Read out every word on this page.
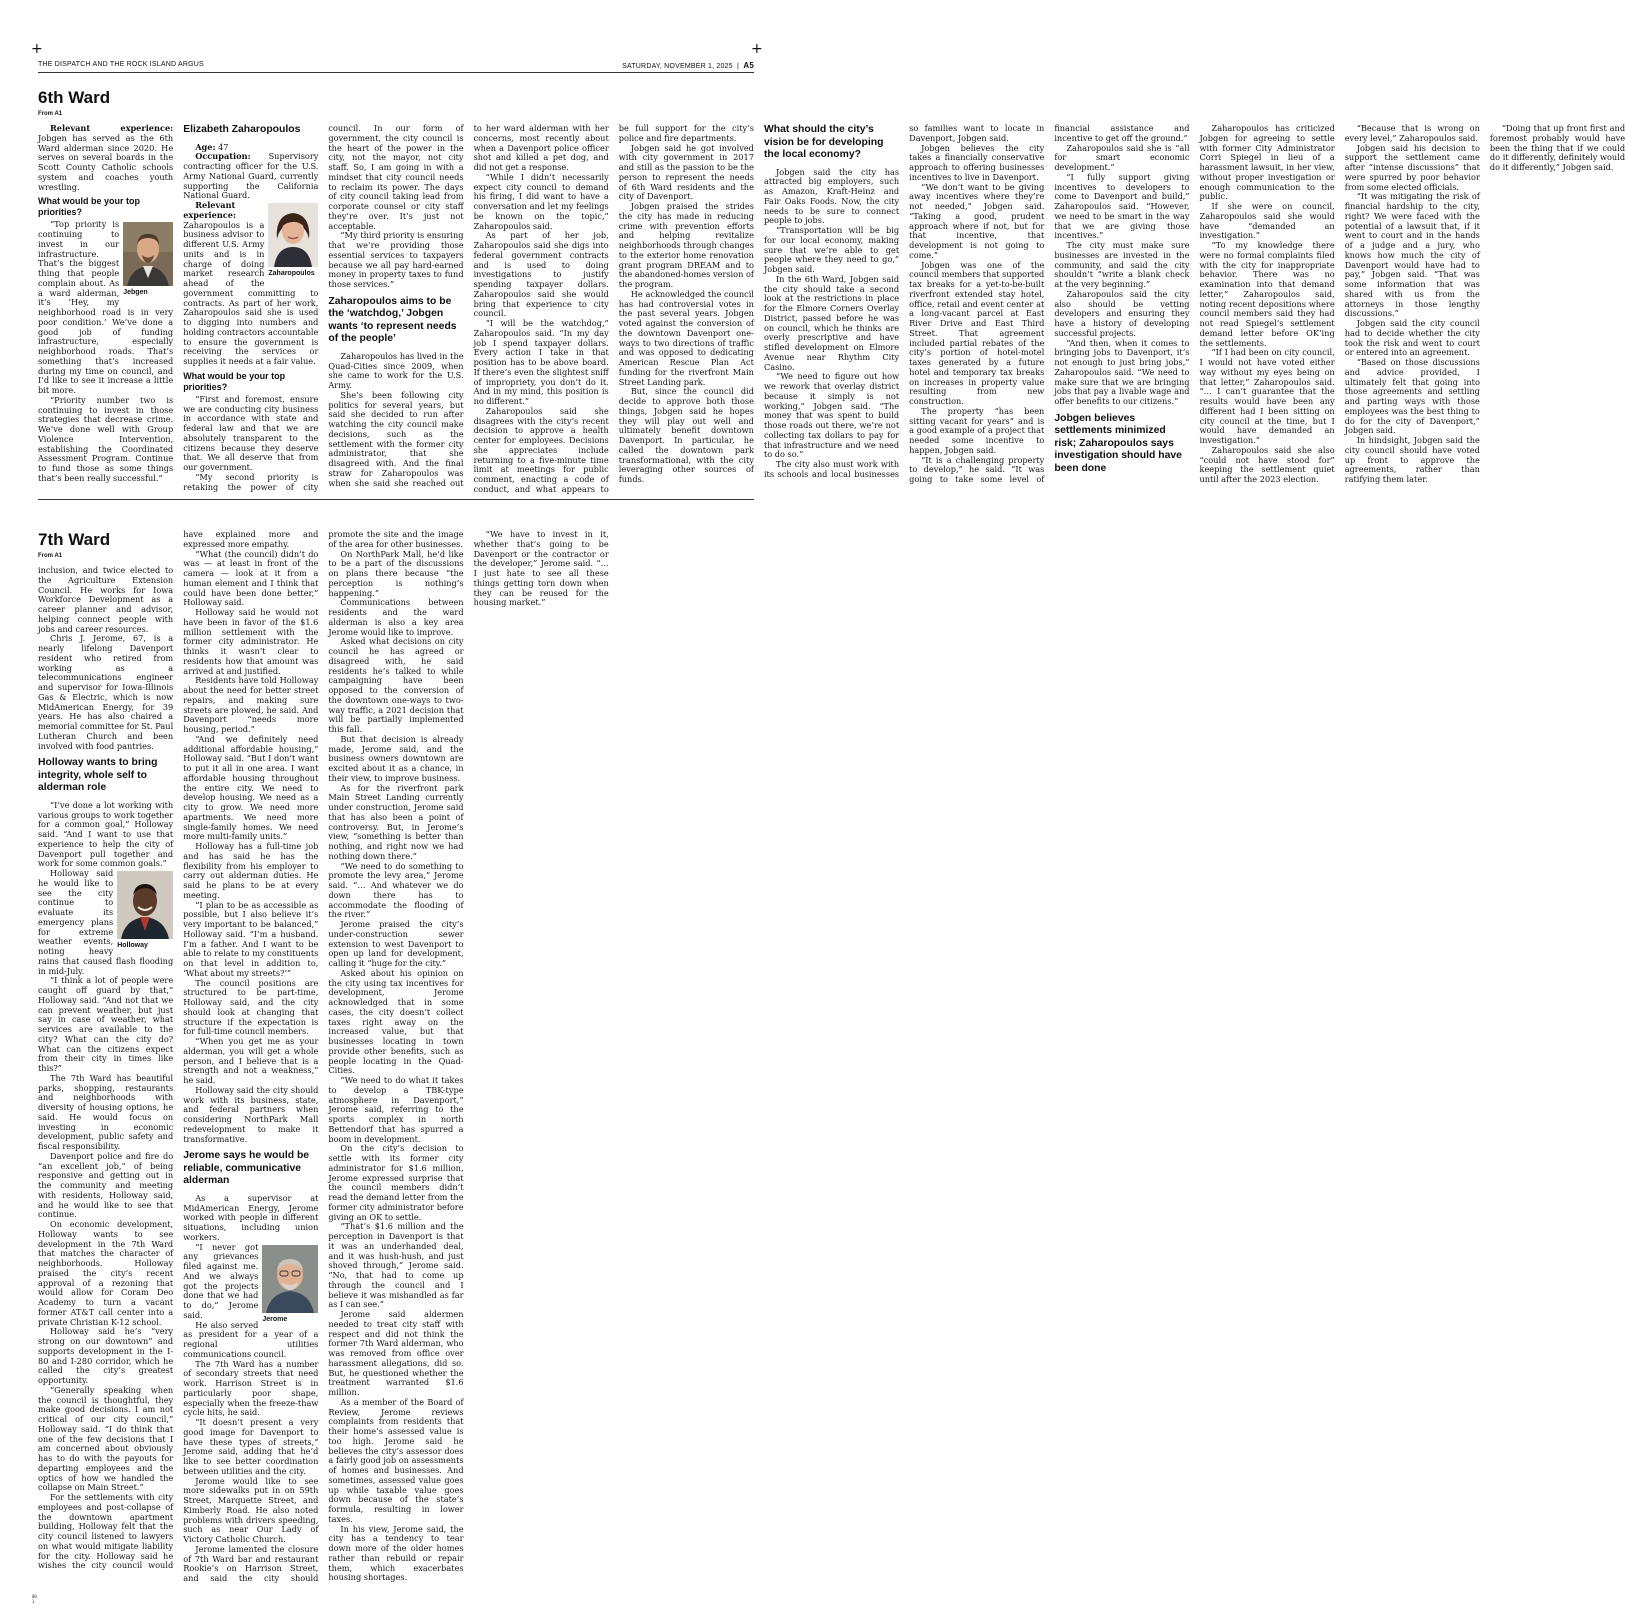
+	+
THE DISPATCH AND THE ROCK ISLAND ARGUS	SATURDAY, NOVEMBER 1, 2025  |  A5
6th Ward
From A1

Relevant experience: Jobgen has served as the 6th Ward alderman since 2020. He serves on several boards in the Scott County Catholic schools system and coaches youth wrestling.

What would be your top priorities?
Jebgen

“Top priority is continuing to invest in our infrastructure. That’s the biggest thing that people complain about. As a ward alderman, it’s ‘Hey, my neighborhood road is in very poor condition.’ We’ve done a good job of funding infrastructure, especially neighborhood roads. That’s something that’s increased during my time on council, and I’d like to see it increase a little bit more.

“Priority number two is continuing to invest in those strategies that decrease crime. We’ve done well with Group Violence Intervention, establishing the Coordinated Assessment Program. Continue to fund those as some things that’s been really successful.”

Elizabeth Zaharopoulos

Age: 47

Occupation: Supervisory contracting officer for the U.S. Army National Guard, currently supporting the California National Guard.

Zaharopoulos

Relevant experience: Zaharopoulos is a business advisor to different U.S. Army units and is in charge of doing market research ahead of the government committing to contracts. As part of her work, Zaharopoulos said she is used to digging into numbers and holding contractors accountable to ensure the government is receiving the services or supplies it needs at a fair value.

What would be your top priorities?

“First and foremost, ensure we are conducting city business in accordance with state and federal law and that we are absolutely transparent to the citizens because they deserve that. We all deserve that from our government.

“My second priority is retaking the power of city council. In our form of government, the city council is the heart of the power in the city, not the mayor, not city staff. So, I am going in with a mindset that city council needs to reclaim its power. The days of city council taking lead from corporate counsel or city staff they’re over. It’s just not acceptable.

“My third priority is ensuring that we’re providing those essential services to taxpayers because we all pay hard-earned money in property taxes to fund those services.”

Zaharopoulos aims to be the ‘watchdog,’ Jobgen wants ‘to represent needs of the people’

Zaharopoulos has lived in the Quad-Cities since 2009, when she came to work for the U.S. Army.

She’s been following city politics for several years, but said she decided to run after watching the city council make decisions, such as the settlement with the former city administrator, that she disagreed with. And the final straw for Zaharopoulos was when she said she reached out to her ward alderman with her concerns, most recently about when a Davenport police officer shot and killed a pet dog, and did not get a response.

“While I didn’t necessarily expect city council to demand his firing, I did want to have a conversation and let my feelings be known on the topic,” Zaharopoulos said.

As part of her job, Zaharopoulos said she digs into federal government contracts and is used to doing investigations to justify spending taxpayer dollars. Zaharopoulos said she would bring that experience to city council.

“I will be the watchdog,” Zaharopoulos said. “In my day job I spend taxpayer dollars. Every action I take in that position has to be above board. If there’s even the slightest sniff of impropriety, you don’t do it. And in my mind, this position is no different.”

Zaharopoulos said she disagrees with the city’s recent decision to approve a health center for employees. Decisions she appreciates include returning to a five-minute time limit at meetings for public comment, enacting a code of conduct, and what appears to be full support for the city’s police and fire departments.

Jobgen said he got involved with city government in 2017 and still as the passion to be the person to represent the needs of 6th Ward residents and the city of Davenport.

Jobgen praised the strides the city has made in reducing crime with prevention efforts and helping revitalize neighborhoods through changes to the exterior home renovation grant program DREAM and to the abandoned-homes version of the program.

He acknowledged the council has had controversial votes in the past several years. Jobgen voted against the conversion of the downtown Davenport one-ways to two directions of traffic and was opposed to dedicating American Rescue Plan Act funding for the riverfront Main Street Landing park.

But, since the council did decide to approve both those things, Jobgen said he hopes they will play out well and ultimately benefit downtown Davenport. In particular, he called the downtown park transformational, with the city leveraging other sources of funds.

What should the city’s vision be for developing the local economy?

Jobgen said the city has attracted big employers, such as Amazon, Kraft-Heinz and Fair Oaks Foods. Now, the city needs to be sure to connect people to jobs.

“Transportation will be big for our local economy, making sure that we’re able to get people where they need to go,” Jobgen said.

In the 6th Ward, Jobgen said the city should take a second look at the restrictions in place for the Elmore Corners Overlay District, passed before he was on council, which he thinks are overly prescriptive and have stifled development on Elmore Avenue near Rhythm City Casino.

“We need to figure out how we rework that overlay district because it simply is not working,” Jobgen said. “The money that was spent to build those roads out there, we’re not collecting tax dollars to pay for that infrastructure and we need to do so.”

The city also must work with its schools and local businesses so families want to locate in Davenport, Jobgen said.

Jobgen believes the city takes a financially conservative approach to offering businesses incentives to live in Davenport.

“We don’t want to be giving away incentives where they’re not needed,” Jobgen said. “Taking a good, prudent approach where if not, but for that incentive, that development is not going to come.”

Jobgen was one of the council members that supported tax breaks for a yet-to-be-built riverfront extended stay hotel, office, retail and event center at a long-vacant parcel at East River Drive and East Third Street. That agreement included partial rebates of the city’s portion of hotel-motel taxes generated by a future hotel and temporary tax breaks on increases in property value resulting from new construction.

The property “has been sitting vacant for years” and is a good example of a project that needed some incentive to happen, Jobgen said.

“It is a challenging property to develop,” he said. “It was going to take some level of financial assistance and incentive to get off the ground.”

Zaharopoulos said she is “all for smart economic development.”

“I fully support giving incentives to developers to come to Davenport and build,” Zaharopoulos said. “However, we need to be smart in the way that we are giving those incentives.”

The city must make sure businesses are invested in the community, and said the city shouldn’t “write a blank check at the very beginning.”

Zaharopoulos said the city also should be vetting developers and ensuring they have a history of developing successful projects.

“And then, when it comes to bringing jobs to Davenport, it’s not enough to just bring jobs,” Zaharopoulos said. “We need to make sure that we are bringing jobs that pay a livable wage and offer benefits to our citizens.”

Jobgen believes settlements minimized risk; Zaharopoulos says investigation should have been done

Zaharopoulos has criticized Jobgen for agreeing to settle with former City Administrator Corri Spiegel in lieu of a harassment lawsuit, in her view, without proper investigation or enough communication to the public.

If she were on council, Zaharopoulos said she would have “demanded an investigation.”

“To my knowledge there were no formal complaints filed with the city for inappropriate behavior. There was no examination into that demand letter,” Zaharopoulos said, noting recent depositions where council members said they had not read Spiegel’s settlement demand letter before OK’ing the settlements.

“If I had been on city council, I would not have voted either way without my eyes being on that letter,” Zaharopoulos said. “… I can’t guarantee that the results would have been any different had I been sitting on city council at the time, but I would have demanded an investigation.”

Zaharopoulos said she also “could not have stood for” keeping the settlement quiet until after the 2023 election.

“Because that is wrong on every level,” Zaharopoulos said.

Jobgen said his decision to support the settlement came after “intense discussions” that were spurred by poor behavior from some elected officials.

“It was mitigating the risk of financial hardship to the city, right? We were faced with the potential of a lawsuit that, if it went to court and in the hands of a judge and a jury, who knows how much the city of Davenport would have had to pay,” Jobgen said. “That was some information that was shared with us from the attorneys in those lengthy discussions.”

Jobgen said the city council had to decide whether the city took the risk and went to court or entered into an agreement.

“Based on those discussions and advice provided, I ultimately felt that going into those agreements and settling and parting ways with those employees was the best thing to do for the city of Davenport,” Jobgen said.

In hindsight, Jobgen said the city council should have voted up front to approve the agreements, rather than ratifying them later.

“Doing that up front first and foremost probably would have been the thing that if we could do it differently, definitely would do it differently,” Jobgen said.

7th Ward
From A1

inclusion, and twice elected to the Agriculture Extension Council. He works for Iowa Workforce Development as a career planner and advisor, helping connect people with jobs and career resources.

Chris J. Jerome, 67, is a nearly lifelong Davenport resident who retired from working as a telecommunications engineer and supervisor for Iowa-Illinois Gas & Electric, which is now MidAmerican Energy, for 39 years. He has also chaired a memorial committee for St. Paul Lutheran Church and been involved with food pantries.

Holloway wants to bring integrity, whole self to alderman role

“I’ve done a lot working with various groups to work together for a common goal,” Holloway said. “And I want to use that experience to help the city of Davenport pull together and work for some common goals.”

Holloway

Holloway said he would like to see the city continue to evaluate its emergency plans for extreme weather events, noting heavy rains that caused flash flooding in mid-July.

“I think a lot of people were caught off guard by that,” Holloway said. “And not that we can prevent weather, but just say in case of weather, what services are available to the city? What can the city do? What can the citizens expect from their city in times like this?”

The 7th Ward has beautiful parks, shopping, restaurants and neighborhoods with diversity of housing options, he said. He would focus on investing in economic development, public safety and fiscal responsibility.

Davenport police and fire do “an excellent job,” of being responsive and getting out in the community and meeting with residents, Holloway said, and he would like to see that continue.

On economic development, Holloway wants to see development in the 7th Ward that matches the character of neighborhoods. Holloway praised the city’s recent approval of a rezoning that would allow for Coram Deo Academy to turn a vacant former AT&T call center into a private Christian K-12 school.

Holloway said he’s “very strong on our downtown” and supports development in the I-80 and I-280 corridor, which he called the city’s greatest opportunity.

“Generally speaking when the council is thoughtful, they make good decisions. I am not critical of our city council,” Holloway said. “I do think that one of the few decisions that I am concerned about obviously has to do with the payouts for departing employees and the optics of how we handled the collapse on Main Street.”

For the settlements with city employees and post-collapse of the downtown apartment building, Holloway felt that the city council listened to lawyers on what would mitigate liability for the city. Holloway said he wishes the city council would have explained more and expressed more empathy.

“What (the council) didn’t do was — at least in front of the camera — look at it from a human element and I think that could have been done better,” Holloway said.

Holloway said he would not have been in favor of the $1.6 million settlement with the former city administrator. He thinks it wasn’t clear to residents how that amount was arrived at and justified.

Residents have told Holloway about the need for better street repairs, and making sure streets are plowed, he said. And Davenport “needs more housing, period.”

“And we definitely need additional affordable housing,” Holloway said. “But I don’t want to put it all in one area. I want affordable housing throughout the entire city. We need to develop housing. We need as a city to grow. We need more apartments. We need more single-family homes. We need more multi-family units.”

Holloway has a full-time job and has said he has the flexibility from his employer to carry out alderman duties. He said he plans to be at every meeting.

“I plan to be as accessible as possible, but I also believe it’s very important to be balanced,” Holloway said. “I’m a husband. I’m a father. And I want to be able to relate to my constituents on that level in addition to, ‘What about my streets?’”

The council positions are structured to be part-time, Holloway said, and the city should look at changing that structure if the expectation is for full-time council members.

“When you get me as your alderman, you will get a whole person, and I believe that is a strength and not a weakness,” he said.

Holloway said the city should work with its business, state, and federal partners when considering NorthPark Mall redevelopment to make it transformative.

Jerome says he would be reliable, communicative alderman

As a supervisor at MidAmerican Energy, Jerome worked with people in different situations, including union workers.

Jerome

“I never got any grievances filed against me. And we always got the projects done that we had to do,” Jerome said.

He also served as president for a year of a regional utilities communications council.

The 7th Ward has a number of secondary streets that need work. Harrison Street is in particularly poor shape, especially when the freeze-thaw cycle hits, he said.

“It doesn’t present a very good image for Davenport to have these types of streets,” Jerome said, adding that he’d like to see better coordination between utilities and the city.

Jerome would like to see more sidewalks put in on 59th Street, Marquette Street, and Kimberly Road. He also noted problems with drivers speeding, such as near Our Lady of Victory Catholic Church.

Jerome lamented the closure of 7th Ward bar and restaurant Rookie’s on Harrison Street, and said the city should promote the site and the image of the area for other businesses.

On NorthPark Mall, he’d like to be a part of the discussions on plans there because “the perception is nothing’s happening.”

Communications between residents and the ward alderman is also a key area Jerome would like to improve.

Asked what decisions on city council he has agreed or disagreed with, he said residents he’s talked to while campaigning have been opposed to the conversion of the downtown one-ways to two-way traffic, a 2021 decision that will be partially implemented this fall.

But that decision is already made, Jerome said, and the business owners downtown are excited about it as a chance, in their view, to improve business.

As for the riverfront park Main Street Landing currently under construction, Jerome said that has also been a point of controversy. But, in Jerome’s view, “something is better than nothing, and right now we had nothing down there.”

“We need to do something to promote the levy area,” Jerome said. “… And whatever we do down there has to accommodate the flooding of the river.”

Jerome praised the city’s under-construction sewer extension to west Davenport to open up land for development, calling it “huge for the city.”

Asked about his opinion on the city using tax incentives for development, Jerome acknowledged that in some cases, the city doesn’t collect taxes right away on the increased value, but that businesses locating in town provide other benefits, such as people locating in the Quad-Cities.

“We need to do what it takes to develop a TBK-type atmosphere in Davenport,” Jerome said, referring to the sports complex in north Bettendorf that has spurred a boom in development.

On the city’s decision to settle with its former city administrator for $1.6 million, Jerome expressed surprise that the council members didn’t read the demand letter from the former city administrator before giving an OK to settle.

“That’s $1.6 million and the perception in Davenport is that it was an underhanded deal, and it was hush-hush, and just shoved through,” Jerome said. “No, that had to come up through the council and I believe it was mishandled as far as I can see.”

Jerome said aldermen needed to treat city staff with respect and did not think the former 7th Ward alderman, who was removed from office over harassment allegations, did so. But, he questioned whether the treatment warranted $1.6 million.

As a member of the Board of Review, Jerome reviews complaints from residents that their home’s assessed value is too high. Jerome said he believes the city’s assessor does a fairly good job on assessments of homes and businesses. And sometimes, assessed value goes up while taxable value goes down because of the state’s formula, resulting in lower taxes.

In his view, Jerome said, the city has a tendency to tear down more of the older homes rather than rebuild or repair them, which exacerbates housing shortages.

“We have to invest in it, whether that’s going to be Davenport or the contractor or the developer,” Jerome said. “… I just hate to see all these things getting torn down when they can be reused for the housing market.”

00
1
